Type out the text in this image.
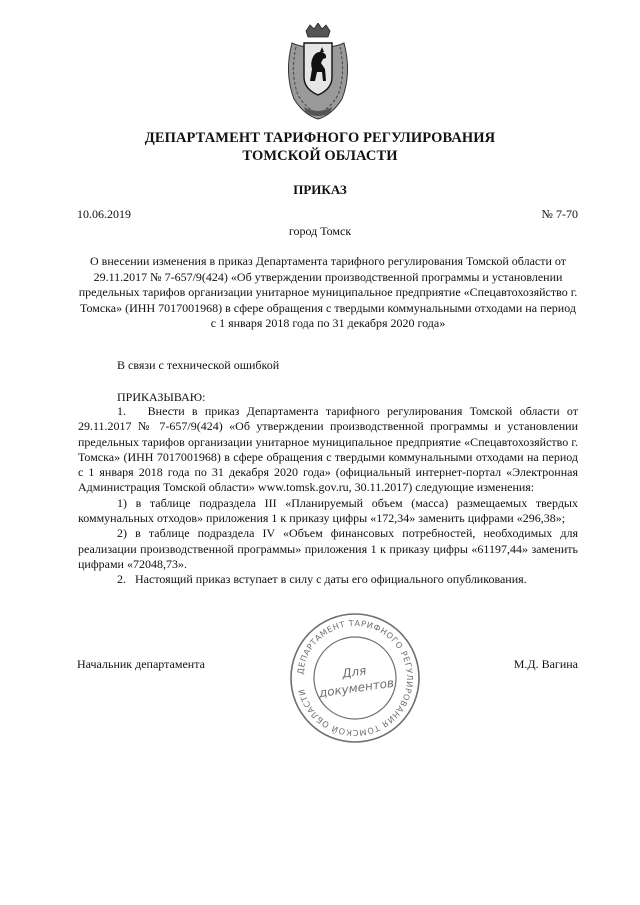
ДЕПАРТАМЕНТ ТАРИФНОГО РЕГУЛИРОВАНИЯ
ТОМСКОЙ ОБЛАСТИ
ПРИКАЗ
10.06.2019	№ 7-70
город Томск
О внесении изменения в приказ Департамента тарифного регулирования Томской области от 29.11.2017 № 7-657/9(424) «Об утверждении производственной программы и установлении предельных тарифов организации унитарное муниципальное предприятие «Спецавтохозяйство г. Томска» (ИНН 7017001968) в сфере обращения с твердыми коммунальными отходами на период с 1 января 2018 года по 31 декабря 2020 года»
В связи с технической ошибкой
ПРИКАЗЫВАЮ:

1.   Внести в приказ Департамента тарифного регулирования Томской области от 29.11.2017 № 7-657/9(424) «Об утверждении производственной программы и установлении предельных тарифов организации унитарное муниципальное предприятие «Спецавтохозяйство г. Томска» (ИНН 7017001968) в сфере обращения с твердыми коммунальными отходами на период с 1 января 2018 года по 31 декабря 2020 года» (официальный интернет-портал «Электронная Администрация Томской области» www.tomsk.gov.ru, 30.11.2017) следующие изменения:

1) в таблице подраздела III «Планируемый объем (масса) размещаемых твердых коммунальных отходов» приложения 1 к приказу цифры «172,34» заменить цифрами «296,38»;

2) в таблице подраздела IV «Объем финансовых потребностей, необходимых для реализации производственной программы» приложения 1 к приказу цифры «61197,44» заменить цифрами «72048,73».

2.   Настоящий приказ вступает в силу с даты его официального опубликования.

Начальник департамента	М.Д. Вагина
ДЕПАРТАМЕНТ ТАРИФНОГО РЕГУЛИРОВАНИЯ ТОМСКОЙ ОБЛАСТИ
Для
документов
